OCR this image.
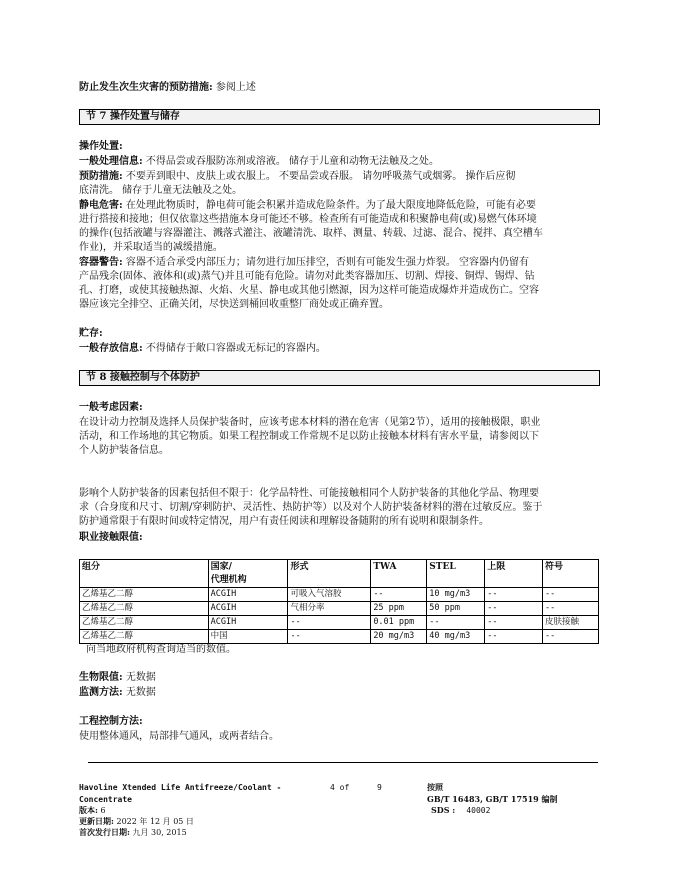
防止发生次生灾害的预防措施: 参阅上述
节 7 操作处置与储存
操作处置:
一般处理信息: 不得品尝或吞服防冻剂或溶液。 储存于儿童和动物无法触及之处。
预防措施: 不要弄到眼中、皮肤上或衣服上。 不要品尝或吞服。 请勿呼吸蒸气或烟雾。 操作后应彻
底清洗。 储存于儿童无法触及之处。
静电危害: 在处理此物质时，静电荷可能会积累并造成危险条件。为了最大限度地降低危险，可能有必要
进行搭接和接地；但仅依靠这些措施本身可能还不够。检查所有可能造成和积聚静电荷(或)易燃气体环境
的操作(包括液罐与容器灌注、溅落式灌注、液罐清洗、取样、测量、转载、过滤、混合、搅拌、真空槽车
作业)，并采取适当的减缓措施。
容器警告: 容器不适合承受内部压力；请勿进行加压排空，否则有可能发生强力炸裂。 空容器内仍留有
产品残余(固体、液体和(或)蒸气)并且可能有危险。请勿对此类容器加压、切割、焊接、铜焊、锡焊、钻
孔、打磨，或使其接触热源、火焰、火星、静电或其他引燃源，因为这样可能造成爆炸并造成伤亡。空容
器应该完全排空、正确关闭，尽快送到桶回收重整厂商处或正确弃置。
贮存:
一般存放信息: 不得储存于敞口容器或无标记的容器内。
节 8 接触控制与个体防护
一般考虑因素:
在设计动力控制及选择人员保护装备时，应该考虑本材料的潜在危害（见第2节），适用的接触极限，职业
活动，和工作场地的其它物质。如果工程控制或工作常规不足以防止接触本材料有害水平量，请参阅以下
个人防护装备信息。
影响个人防护装备的因素包括但不限于：化学品特性、可能接触相同个人防护装备的其他化学品、物理要
求（合身度和尺寸、切割/穿刺防护、灵活性、热防护等）以及对个人防护装备材料的潜在过敏反应。鉴于
防护通常限于有限时间或特定情况，用户有责任阅读和理解设备随附的所有说明和限制条件。
职业接触限值:
组分	国家/
代理机构	形式	TWA	STEL	上限	符号
乙烯基乙二醇	ACGIH	可吸入气溶胶	--	10 mg/m3	--	--
乙烯基乙二醇	ACGIH	气相分率	25 ppm	50 ppm	--	--
乙烯基乙二醇	ACGIH	--	0.01 ppm	--	--	皮肤接触
乙烯基乙二醇	中国	--	20 mg/m3	40 mg/m3	--	--
向当地政府机构查询适当的数值。
生物限值: 无数据
监测方法: 无数据
工程控制方法:
使用整体通风，局部排气通风，或两者结合。
Havoline Xtended Life Antifreeze/Coolant -
Concentrate
版本: 6
更新日期: 2022 年 12 月 05 日
首次发行日期: 九月 30, 2015
4 of	9	按照
GB/T 16483, GB/T 17519 编制
SDS : 40002
